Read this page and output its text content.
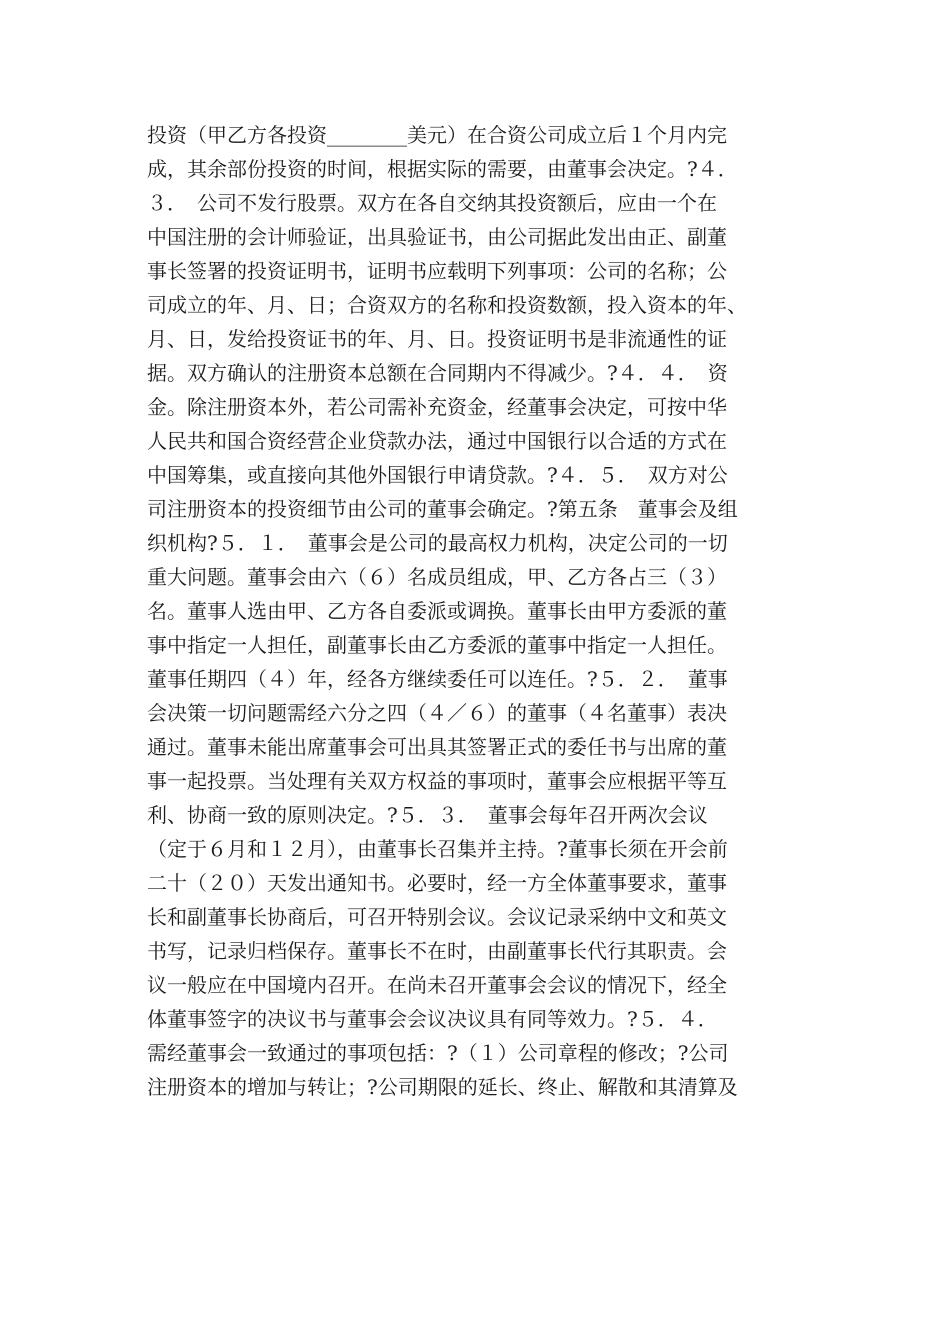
投资（甲乙方各投资________美元）在合资公司成立后１个月内完
成，其余部份投资的时间，根据实际的需要，由董事会决定。?４．
３．　公司不发行股票。双方在各自交纳其投资额后，应由一个在
中国注册的会计师验证，出具验证书，由公司据此发出由正、副董
事长签署的投资证明书，证明书应载明下列事项：公司的名称；公
司成立的年、月、日；合资双方的名称和投资数额，投入资本的年、
月、日，发给投资证书的年、月、日。投资证明书是非流通性的证
据。双方确认的注册资本总额在合同期内不得减少。?４．４．　资
金。除注册资本外，若公司需补充资金，经董事会决定，可按中华
人民共和国合资经营企业贷款办法，通过中国银行以合适的方式在
中国筹集，或直接向其他外国银行申请贷款。?４．５．　双方对公
司注册资本的投资细节由公司的董事会确定。?第五条　董事会及组
织机构?５．１．　董事会是公司的最高权力机构，决定公司的一切
重大问题。董事会由六（６）名成员组成，甲、乙方各占三（３）
名。董事人选由甲、乙方各自委派或调换。董事长由甲方委派的董
事中指定一人担任，副董事长由乙方委派的董事中指定一人担任。
董事任期四（４）年，经各方继续委任可以连任。?５．２．　董事
会决策一切问题需经六分之四（４／６）的董事（４名董事）表决
通过。董事未能出席董事会可出具其签署正式的委任书与出席的董
事一起投票。当处理有关双方权益的事项时，董事会应根据平等互
利、协商一致的原则决定。?５．３．　董事会每年召开两次会议
（定于６月和１２月），由董事长召集并主持。?董事长须在开会前
二十（２０）天发出通知书。必要时，经一方全体董事要求，董事
长和副董事长协商后，可召开特别会议。会议记录采纳中文和英文
书写，记录归档保存。董事长不在时，由副董事长代行其职责。会
议一般应在中国境内召开。在尚未召开董事会会议的情况下，经全
体董事签字的决议书与董事会会议决议具有同等效力。?５．４．
需经董事会一致通过的事项包括：?（１）公司章程的修改；?公司
注册资本的增加与转让；?公司期限的延长、终止、解散和其清算及
